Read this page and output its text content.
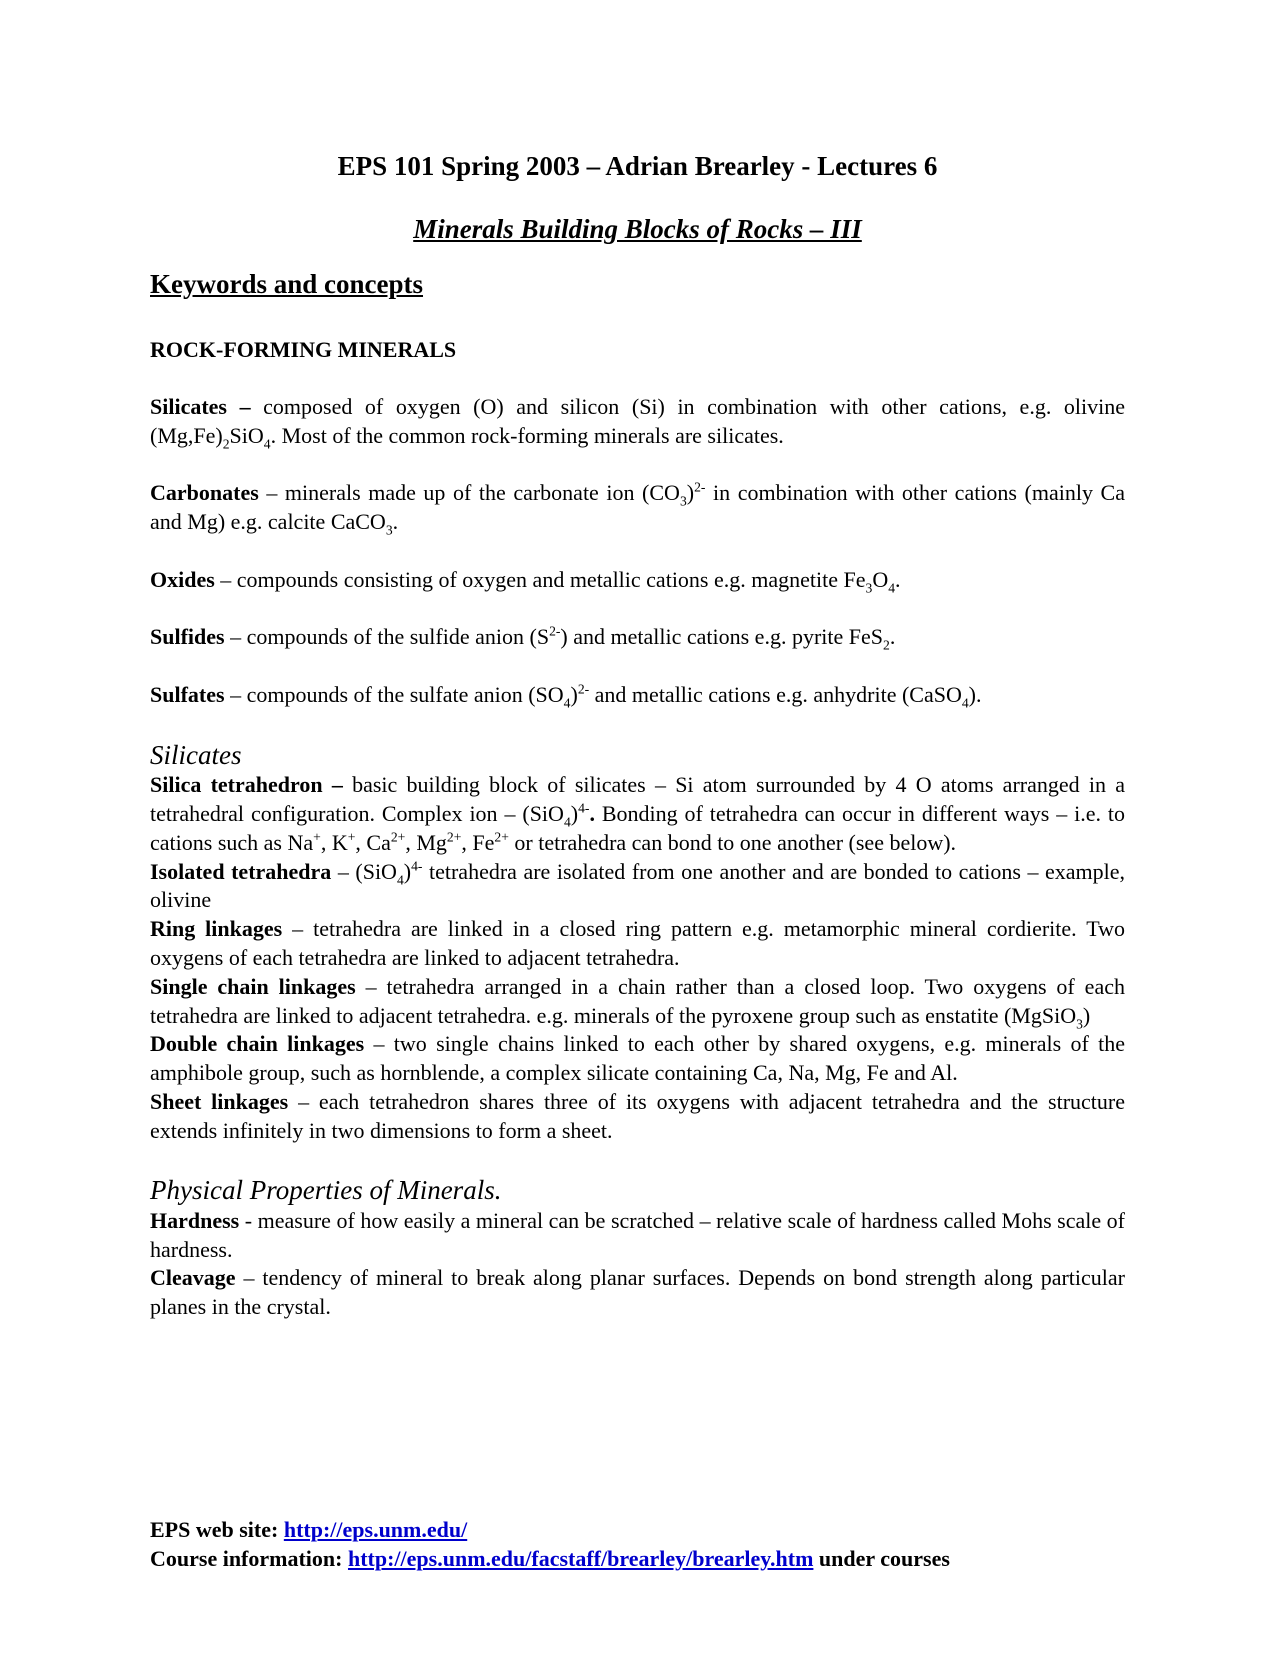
EPS 101 Spring 2003 – Adrian Brearley - Lectures 6
Minerals Building Blocks of Rocks – III
Keywords and concepts
ROCK-FORMING MINERALS

Silicates – composed of oxygen (O) and silicon (Si) in combination with other cations, e.g. olivine $(Mg,Fe)_2SiO_4$. Most of the common rock-forming minerals are silicates.

Carbonates – minerals made up of the carbonate ion $(CO_3)^{2-}$ in combination with other cations (mainly Ca and Mg) e.g. calcite CaCO$_3$.

Oxides – compounds consisting of oxygen and metallic cations e.g. magnetite $Fe_3O_4$.

Sulfides – compounds of the sulfide anion $(S^{2-})$ and metallic cations e.g. pyrite FeS$_2$.

Sulfates – compounds of the sulfate anion $(SO_4)^{2-}$ and metallic cations e.g. anhydrite (CaSO$_4$).

Silicates

Silica tetrahedron – basic building block of silicates – Si atom surrounded by 4 O atoms arranged in a tetrahedral configuration. Complex ion – $(SiO_4)^{4-}$. Bonding of tetrahedra can occur in different ways – i.e. to cations such as Na+, K+, $Ca^{2+}$, $Mg^{2+}$, $Fe^{2+}$ or tetrahedra can bond to one another (see below).

Isolated tetrahedra – $(SiO_4)^{4-}$ tetrahedra are isolated from one another and are bonded to cations – example, olivine

Ring linkages – tetrahedra are linked in a closed ring pattern e.g. metamorphic mineral cordierite. Two oxygens of each tetrahedra are linked to adjacent tetrahedra.

Single chain linkages – tetrahedra arranged in a chain rather than a closed loop. Two oxygens of each tetrahedra are linked to adjacent tetrahedra. e.g. minerals of the pyroxene group such as enstatite (MgSiO$_3$)

Double chain linkages – two single chains linked to each other by shared oxygens, e.g. minerals of the amphibole group, such as hornblende, a complex silicate containing Ca, Na, Mg, Fe and Al.

Sheet linkages – each tetrahedron shares three of its oxygens with adjacent tetrahedra and the structure extends infinitely in two dimensions to form a sheet.

Physical Properties of Minerals.

Hardness - measure of how easily a mineral can be scratched – relative scale of hardness called Mohs scale of hardness.

Cleavage – tendency of mineral to break along planar surfaces. Depends on bond strength along particular planes in the crystal.

EPS web site: http://eps.unm.edu/
Course information: http://eps.unm.edu/facstaff/brearley/brearley.htm under courses
